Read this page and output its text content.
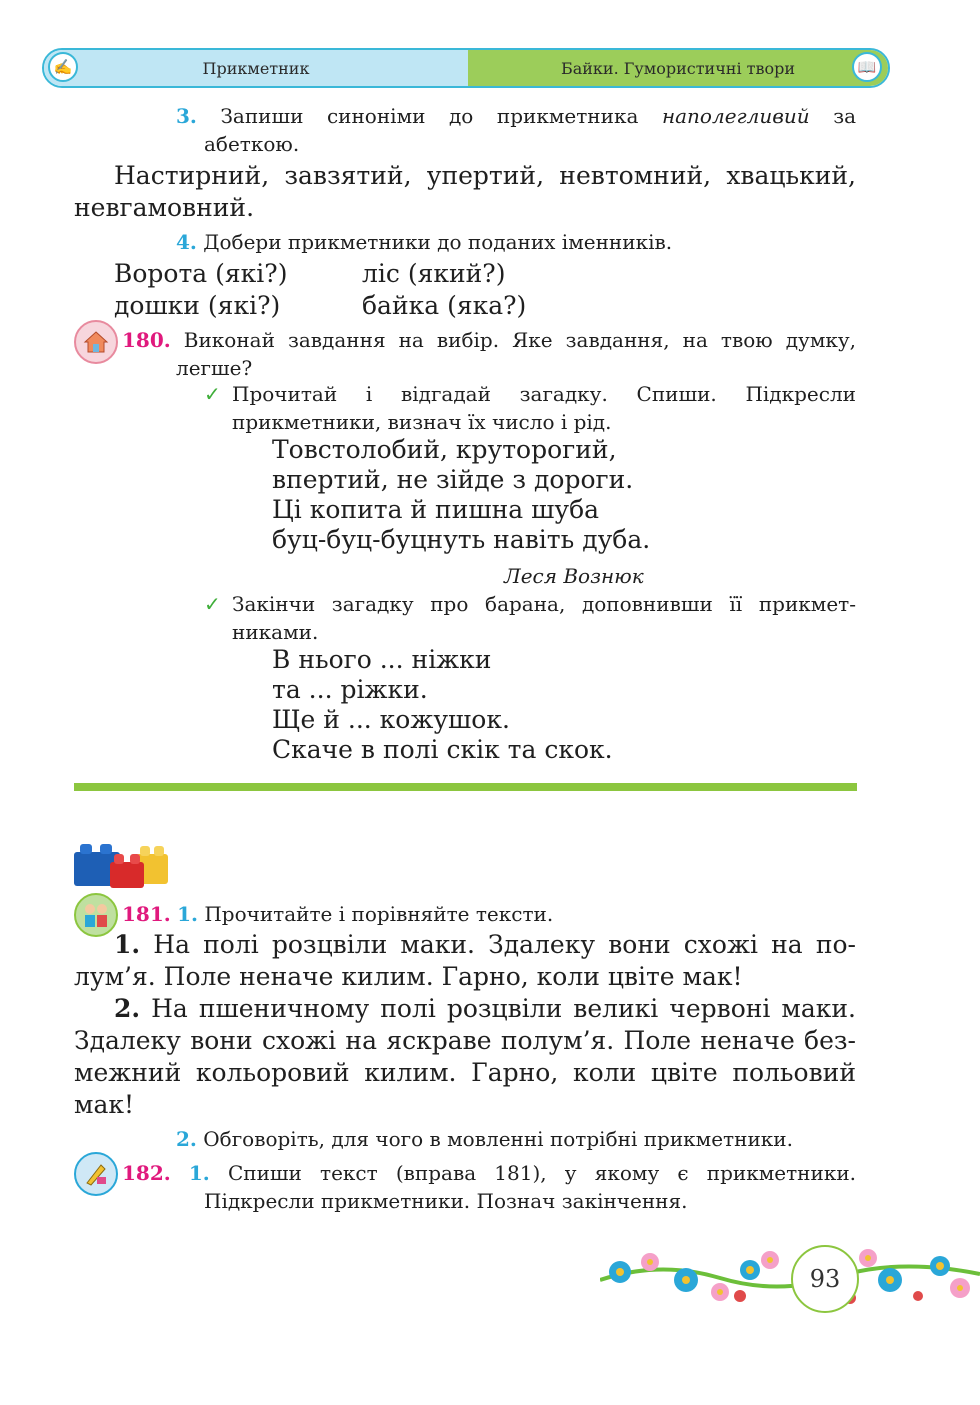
Прикметник	Байки. Гумористичні твори
✍	📖
3. Запиши синоніми до прикметника наполегливий за
абеткою.
Настирний, завзятий, упертий, невтомний, хвацький,
невгамовний.
4. Добери прикметники до поданих іменників.
Ворота (які?)	ліс (який?)
дошки (які?)	байка (яка?)
180. Виконай завдання на вибір. Яке завдання, на твою думку,
легше?
✓ Прочитай і відгадай загадку. Спиши. Підкресли
прикметники, визнач їх число і рід.
Товстолобий, круторогий,
впертий, не зійде з дороги.
Ці копита й пишна шуба
буц-буц-буцнуть навіть дуба.
Леся Вознюк
✓ Закінчи загадку про барана, доповнивши її прикмет-
никами.
В нього ... ніжки
та ... ріжки.
Ще й ... кожушок.
Скаче в полі скік та скок.
181. 1. Прочитайте і порівняйте тексти.
1. На полі розцвіли маки. Здалеку вони схожі на по-
лум’я. Поле неначе килим. Гарно, коли цвіте мак!
2. На пшеничному полі розцвіли великі червоні маки.
Здалеку вони схожі на яскраве полум’я. Поле неначе без-
межний кольоровий килим. Гарно, коли цвіте польовий
мак!
2. Обговоріть, для чого в мовленні потрібні прикметники.
182. 1. Спиши текст (вправа 181), у якому є прикметники.
Підкресли прикметники. Познач закінчення.
93
